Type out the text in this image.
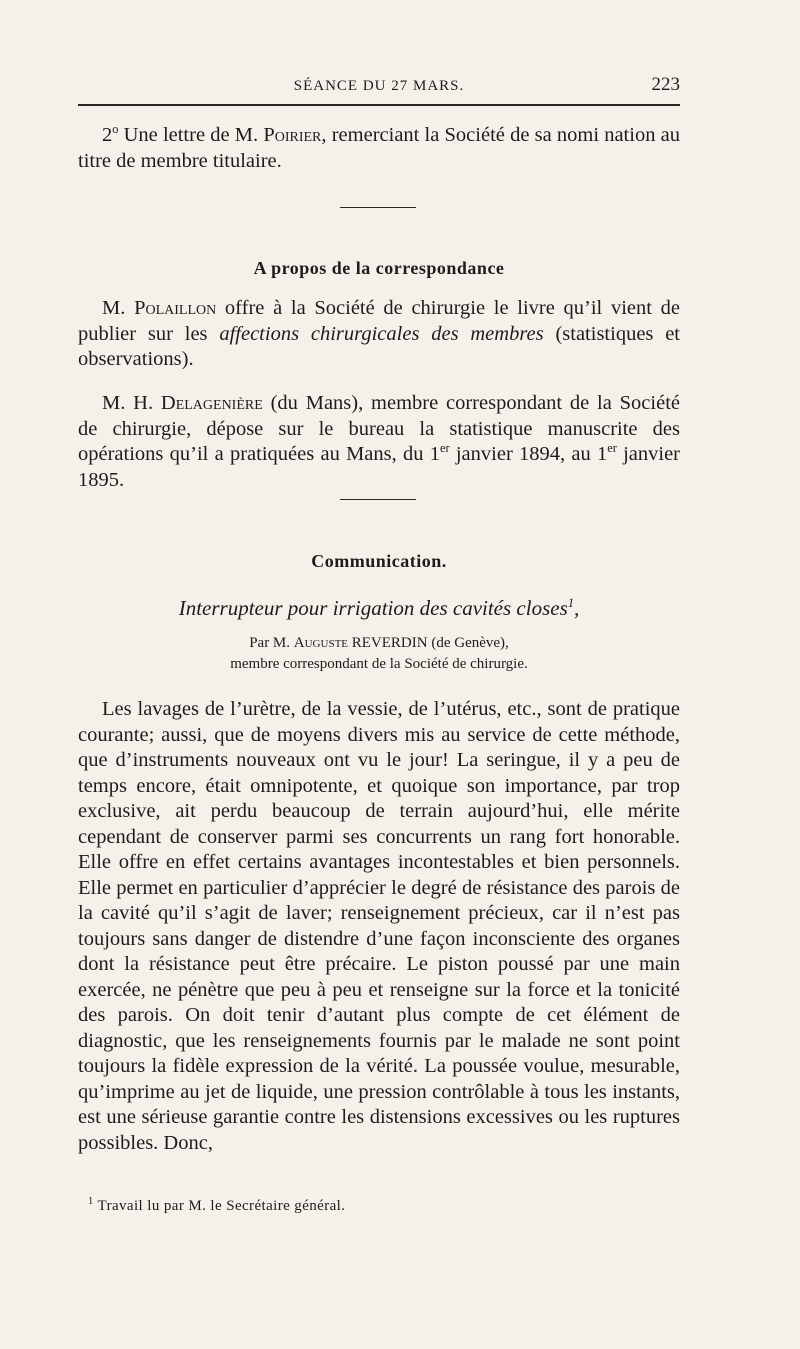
SÉANCE DU 27 MARS.	223

2$^o$ Une lettre de M. Poirier, remerciant la Société de sa nomi nation au titre de membre titulaire.

A propos de la correspondance

M. Polaillon offre à la Société de chirurgie le livre qu’il vient de publier sur les affections chirurgicales des membres (statistiques et observations).

M. H. Delagenière (du Mans), membre correspondant de la Société de chirurgie, dépose sur le bureau la statistique manuscrite des opérations qu’il a pratiquées au Mans, du 1er janvier 1894, au 1er janvier 1895.

Communication.
Interrupteur pour irrigation des cavités closes$^1$,
Par M. Auguste REVERDIN (de Genève),
membre correspondant de la Société de chirurgie.

Les lavages de l’urètre, de la vessie, de l’utérus, etc., sont de pratique courante; aussi, que de moyens divers mis au service de cette méthode, que d’instruments nouveaux ont vu le jour! La seringue, il y a peu de temps encore, était omnipotente, et quoique son importance, par trop exclusive, ait perdu beaucoup de terrain aujourd’hui, elle mérite cependant de conserver parmi ses concurrents un rang fort honorable. Elle offre en effet certains avantages incontestables et bien personnels. Elle permet en particulier d’apprécier le degré de résistance des parois de la cavité qu’il s’agit de laver; renseignement précieux, car il n’est pas toujours sans danger de distendre d’une façon inconsciente des organes dont la résistance peut être précaire. Le piston poussé par une main exercée, ne pénètre que peu à peu et renseigne sur la force et la tonicité des parois. On doit tenir d’autant plus compte de cet élément de diagnostic, que les renseignements fournis par le malade ne sont point toujours la fidèle expression de la vérité. La poussée voulue, mesurable, qu’imprime au jet de liquide, une pression contrôlable à tous les instants, est une sérieuse garantie contre les distensions excessives ou les ruptures possibles. Donc,

$^1$ Travail lu par M. le Secrétaire général.
